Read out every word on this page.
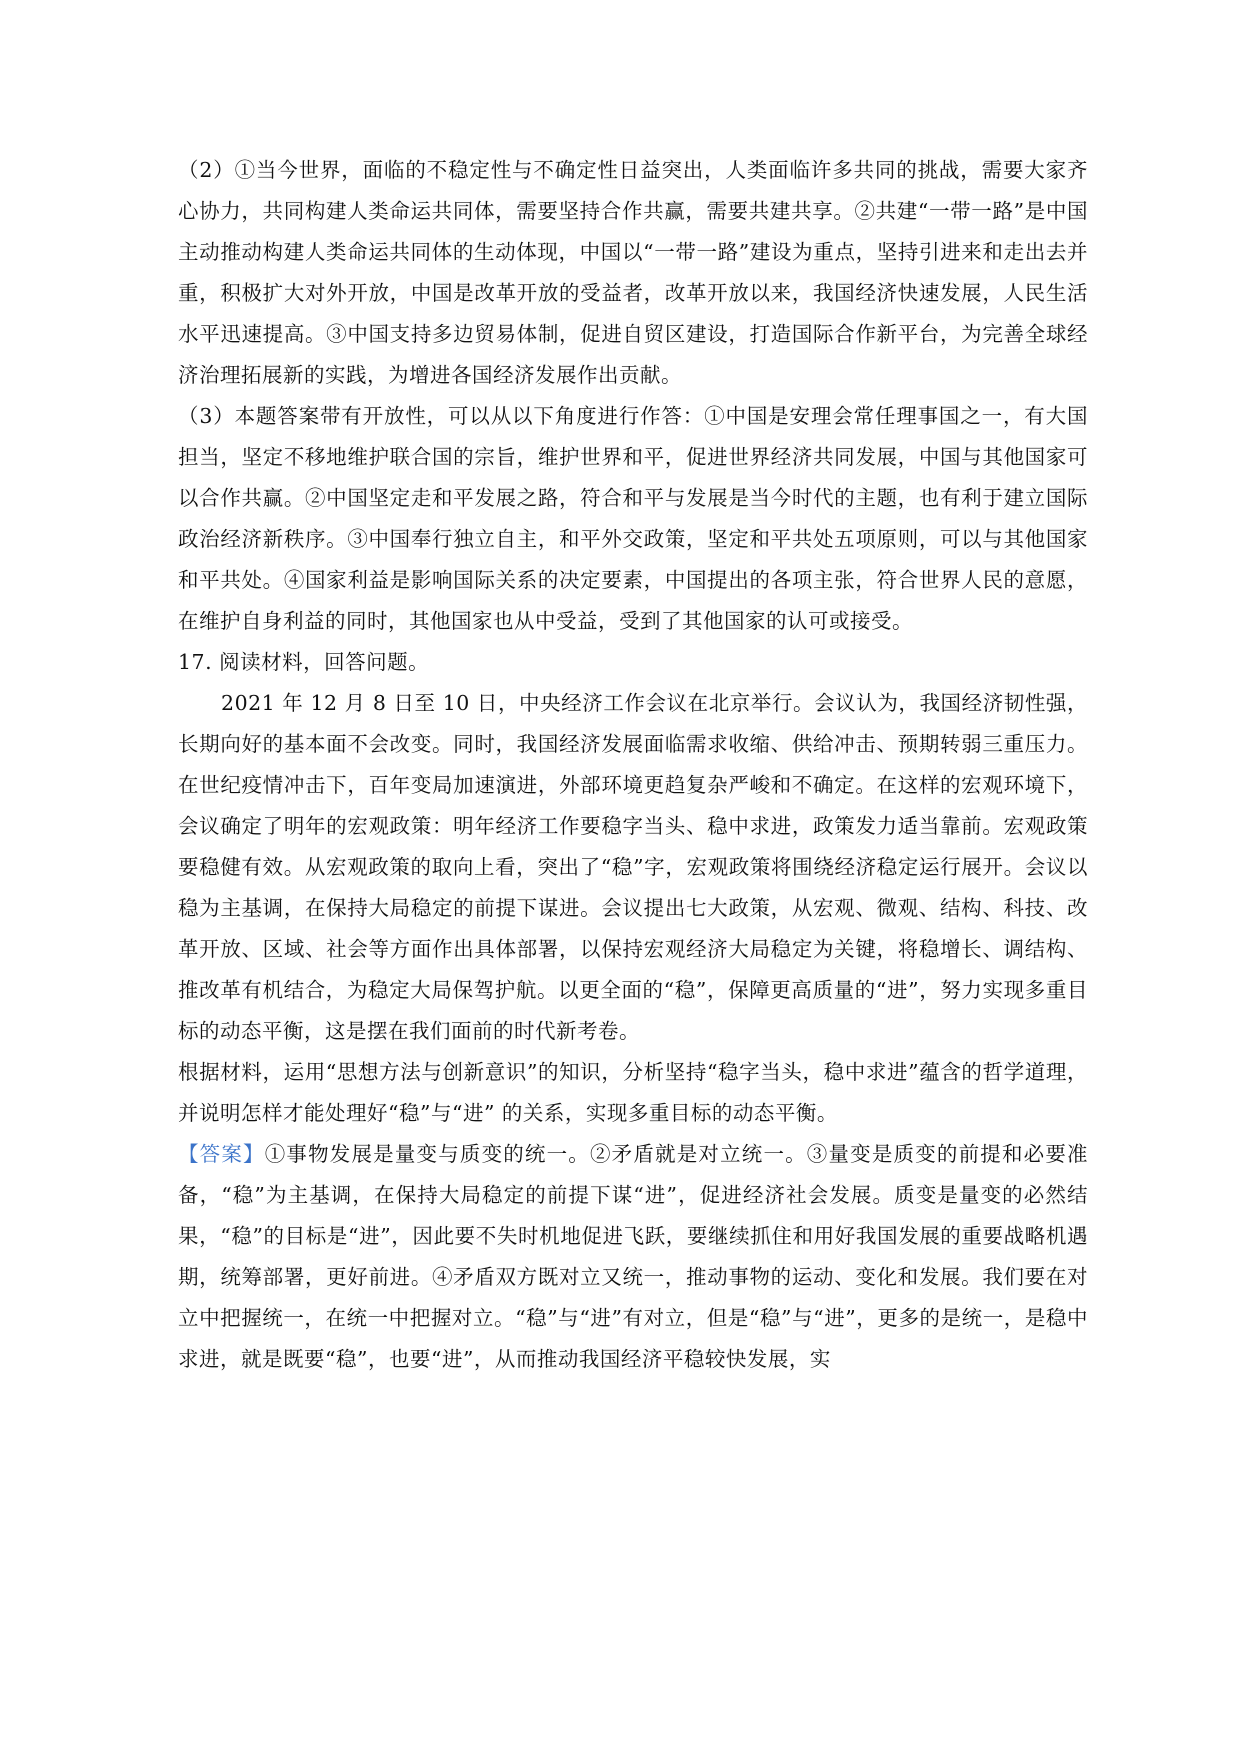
（2）①当今世界，面临的不稳定性与不确定性日益突出，人类面临许多共同的挑战，需要大家齐心协力，共同构建人类命运共同体，需要坚持合作共赢，需要共建共享。②共建“一带一路”是中国主动推动构建人类命运共同体的生动体现，中国以“一带一路”建设为重点，坚持引进来和走出去并重，积极扩大对外开放，中国是改革开放的受益者，改革开放以来，我国经济快速发展，人民生活水平迅速提高。③中国支持多边贸易体制，促进自贸区建设，打造国际合作新平台，为完善全球经济治理拓展新的实践，为增进各国经济发展作出贡献。

（3）本题答案带有开放性，可以从以下角度进行作答：①中国是安理会常任理事国之一，有大国担当，坚定不移地维护联合国的宗旨，维护世界和平，促进世界经济共同发展，中国与其他国家可以合作共赢。②中国坚定走和平发展之路，符合和平与发展是当今时代的主题，也有利于建立国际政治经济新秩序。③中国奉行独立自主，和平外交政策，坚定和平共处五项原则，可以与其他国家和平共处。④国家利益是影响国际关系的决定要素，中国提出的各项主张，符合世界人民的意愿，在维护自身利益的同时，其他国家也从中受益，受到了其他国家的认可或接受。

17. 阅读材料，回答问题。

2021 年 12 月 8 日至 10 日，中央经济工作会议在北京举行。会议认为，我国经济韧性强，长期向好的基本面不会改变。同时，我国经济发展面临需求收缩、供给冲击、预期转弱三重压力。在世纪疫情冲击下，百年变局加速演进，外部环境更趋复杂严峻和不确定。在这样的宏观环境下，会议确定了明年的宏观政策：明年经济工作要稳字当头、稳中求进，政策发力适当靠前。宏观政策要稳健有效。从宏观政策的取向上看，突出了“稳”字，宏观政策将围绕经济稳定运行展开。会议以稳为主基调，在保持大局稳定的前提下谋进。会议提出七大政策，从宏观、微观、结构、科技、改革开放、区域、社会等方面作出具体部署，以保持宏观经济大局稳定为关键，将稳增长、调结构、推改革有机结合，为稳定大局保驾护航。以更全面的“稳”，保障更高质量的“进”，努力实现多重目标的动态平衡，这是摆在我们面前的时代新考卷。

根据材料，运用“思想方法与创新意识”的知识，分析坚持“稳字当头，稳中求进”蕴含的哲学道理，并说明怎样才能处理好“稳”与“进” 的关系，实现多重目标的动态平衡。

【答案】①事物发展是量变与质变的统一。②矛盾就是对立统一。③量变是质变的前提和必要准备，“稳”为主基调，在保持大局稳定的前提下谋“进”，促进经济社会发展。质变是量变的必然结果，“稳”的目标是“进”，因此要不失时机地促进飞跃，要继续抓住和用好我国发展的重要战略机遇期，统筹部署，更好前进。④矛盾双方既对立又统一，推动事物的运动、变化和发展。我们要在对立中把握统一，在统一中把握对立。“稳”与“进”有对立，但是“稳”与“进”，更多的是统一，是稳中求进，就是既要“稳”，也要“进”，从而推动我国经济平稳较快发展，实
